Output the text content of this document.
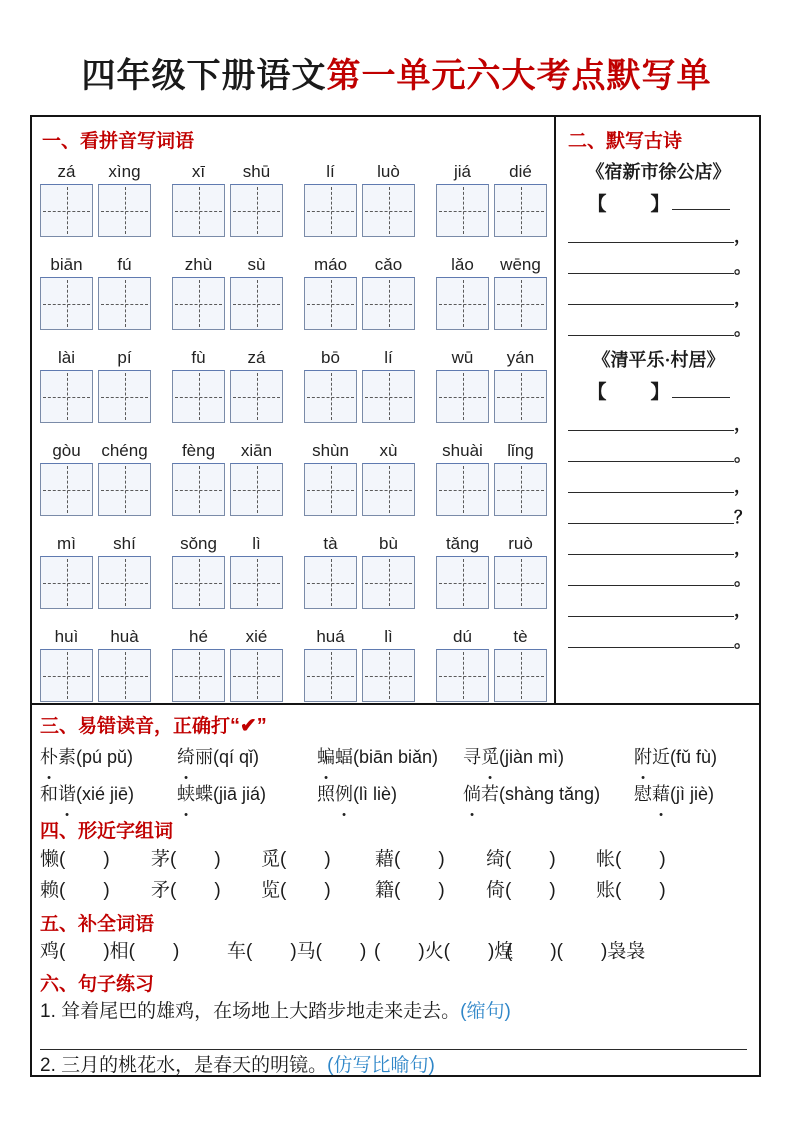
四年级下册语文第一单元六大考点默写单
一、看拼音写词语
zá	xìng	xī	shū	lí	luò	jiá	dié
biān	fú	zhù	sù	máo	cǎo	lǎo	wēng
lài	pí	fù	zá	bō	lí	wū	yán
gòu	chéng	fèng	xiān	shùn	xù	shuài	lǐng
mì	shí	sǒng	lì	tà	bù	tǎng	ruò
huì	huà	hé	xié	huá	lì	dú	tè
二、默写古诗
《宿新市徐公店》
【　　】
，
。
，
。
《清平乐·村居》
【　　】
，
。
，
？
，
。
，
。
三、易错读音，正确打“✔”
朴素(pú pǔ)	绮丽(qí qǐ)	蝙蝠(biān biǎn)	寻觅(jiàn mì)	附近(fǔ fù)
和谐(xié jiē)	蛱蝶(jiā jiá)	照例(lì liè)	倘若(shàng tǎng)	慰藉(jì jiè)
四、形近字组词
懒(　　)	茅(　　)	觅(　　)	藉(　　)	绮(　　)	帐(　　)
赖(　　)	矛(　　)	览(　　)	籍(　　)	倚(　　)	账(　　)
五、补全词语
鸡(　　)相(　　)	车(　　)马(　　) (　　)火(　　)煌
(　　)(　　)袅袅
六、句子练习
1. 耸着尾巴的雄鸡，在场地上大踏步地走来走去。(缩句)
2. 三月的桃花水，是春天的明镜。(仿写比喻句)
